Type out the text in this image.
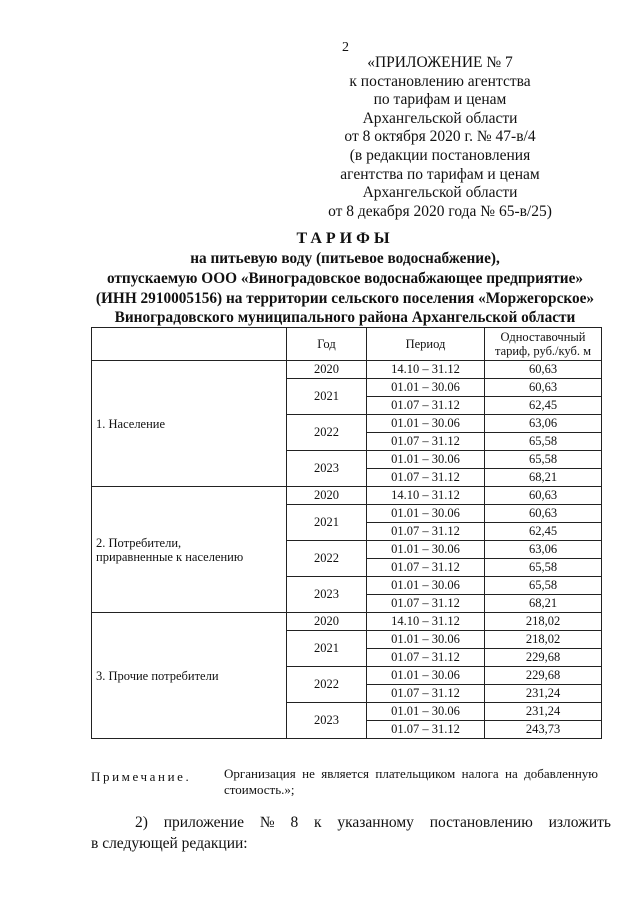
2
«ПРИЛОЖЕНИЕ № 7
к постановлению агентства
по тарифам и ценам
Архангельской области
от 8 октября 2020 г. № 47-в/4
(в редакции постановления
агентства по тарифам и ценам
Архангельской области
от 8 декабря 2020 года № 65-в/25)

ТАРИФЫ

на питьевую воду (питьевое водоснабжение),

отпускаемую ООО «Виноградовское водоснабжающее предприятие»

(ИНН 2910005156) на территории сельского поселения «Моржегорское»

Виноградовского муниципального района Архангельской области

	Год	Период	Одноставочный тариф, руб./куб. м
1. Население	2020	14.10 – 31.12	60,63
	2021	01.01 – 30.06	60,63
		01.07 – 31.12	62,45
	2022	01.01 – 30.06	63,06
		01.07 – 31.12	65,58
	2023	01.01 – 30.06	65,58
		01.07 – 31.12	68,21
2. Потребители, приравненные к населению	2020	14.10 – 31.12	60,63
	2021	01.01 – 30.06	60,63
		01.07 – 31.12	62,45
	2022	01.01 – 30.06	63,06
		01.07 – 31.12	65,58
	2023	01.01 – 30.06	65,58
		01.07 – 31.12	68,21
3. Прочие потребители	2020	14.10 – 31.12	218,02
	2021	01.01 – 30.06	218,02
		01.07 – 31.12	229,68
	2022	01.01 – 30.06	229,68
		01.07 – 31.12	231,24
	2023	01.01 – 30.06	231,24
		01.07 – 31.12	243,73
Примечание.	Организация не является плательщиком налога на добавленную стоимость.»;
2) приложение № 8 к указанному постановлению изложить
в следующей редакции:
